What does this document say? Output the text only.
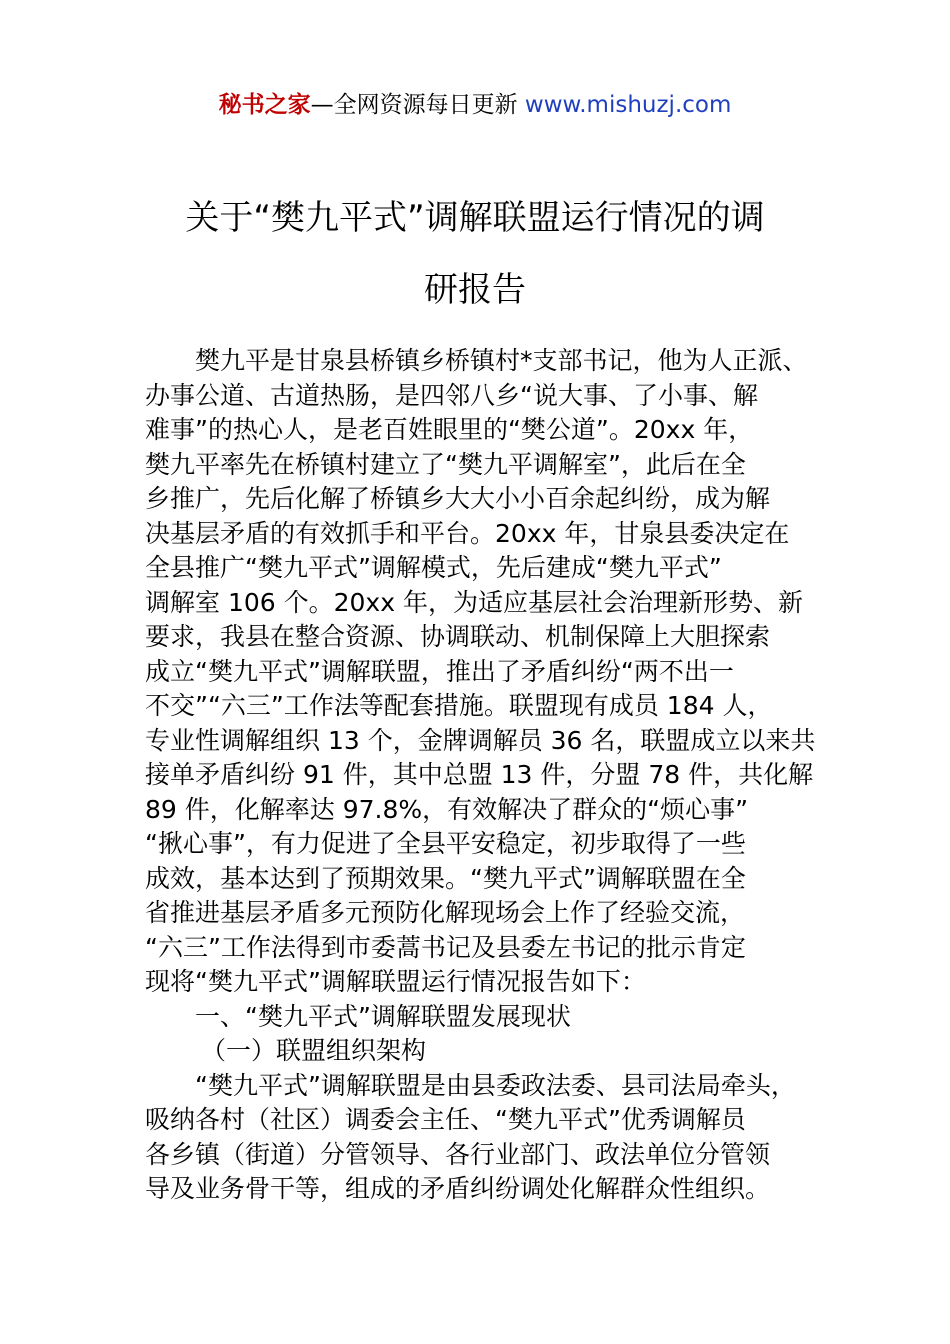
秘书之家—全网资源每日更新 www.mishuzj.com
关于“樊九平式”调解联盟运行情况的调
研报告
樊九平是甘泉县桥镇乡桥镇村*支部书记，他为人正派、
办事公道、古道热肠，是四邻八乡“说大事、了小事、解
难事”的热心人，是老百姓眼里的“樊公道”。20xx 年，
樊九平率先在桥镇村建立了“樊九平调解室”，此后在全
乡推广，先后化解了桥镇乡大大小小百余起纠纷，成为解
决基层矛盾的有效抓手和平台。20xx 年，甘泉县委决定在
全县推广“樊九平式”调解模式，先后建成“樊九平式”
调解室 106 个。20xx 年，为适应基层社会治理新形势、新
要求，我县在整合资源、协调联动、机制保障上大胆探索
成立“樊九平式”调解联盟，推出了矛盾纠纷“两不出一
不交”“六三”工作法等配套措施。联盟现有成员 184 人，
专业性调解组织 13 个，金牌调解员 36 名，联盟成立以来共
接单矛盾纠纷 91 件，其中总盟 13 件，分盟 78 件，共化解
89 件，化解率达 97.8%，有效解决了群众的“烦心事”
“揪心事”，有力促进了全县平安稳定，初步取得了一些
成效，基本达到了预期效果。“樊九平式”调解联盟在全
省推进基层矛盾多元预防化解现场会上作了经验交流，
“六三”工作法得到市委蒿书记及县委左书记的批示肯定
现将“樊九平式”调解联盟运行情况报告如下：
一、“樊九平式”调解联盟发展现状
（一）联盟组织架构
“樊九平式”调解联盟是由县委政法委、县司法局牵头，
吸纳各村（社区）调委会主任、“樊九平式”优秀调解员
各乡镇（街道）分管领导、各行业部门、政法单位分管领
导及业务骨干等，组成的矛盾纠纷调处化解群众性组织。
